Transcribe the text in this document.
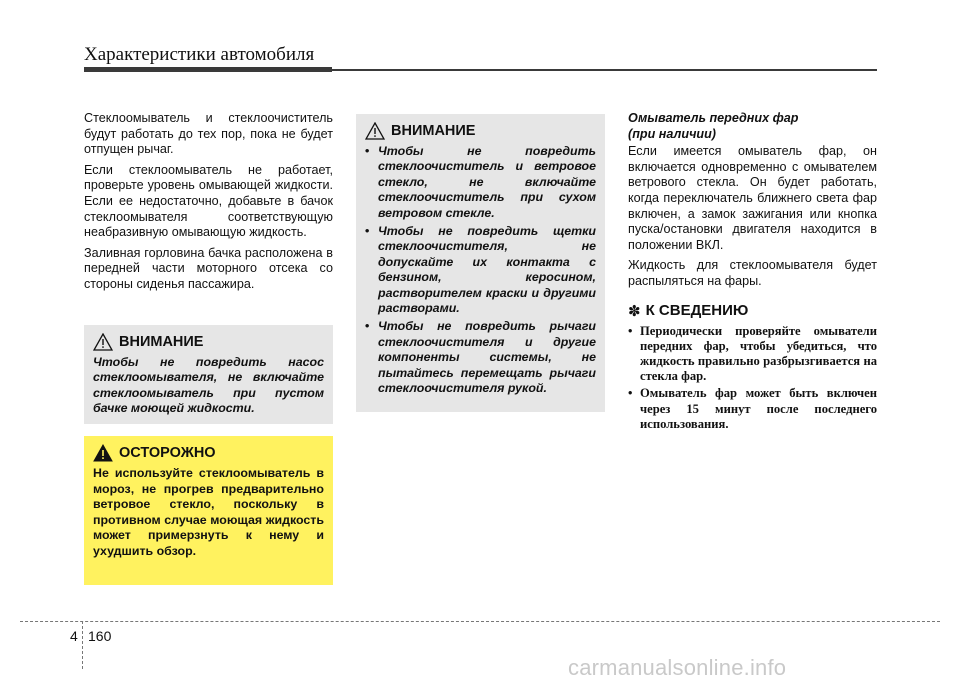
Характеристики автомобиля

Стеклоомыватель и стеклоочиститель будут работать до тех пор, пока не будет отпущен рычаг.

Если стеклоомыватель не работает, проверьте уровень омывающей жидкости. Если ее недостаточно, добавьте в бачок стеклоомывателя соответствующую неабразивную омывающую жидкость.

Заливная горловина бачка расположена в передней части моторного отсека со стороны сиденья пассажира.

ВНИМАНИЕ

Чтобы не повредить насос стеклоомывателя, не включайте стеклоомыватель при пустом бачке моющей жидкости.

ОСТОРОЖНО

Не используйте стеклоомыватель в мороз, не прогрев предварительно ветровое стекло, поскольку в противном случае моющая жидкость может примерзнуть к нему и ухудшить обзор.

ВНИМАНИЕ
• Чтобы не повредить стеклоочиститель и ветровое стекло, не включайте стеклоочиститель при сухом ветровом стекле.
• Чтобы не повредить щетки стеклоочистителя, не допускайте их контакта с бензином, керосином, растворителем краски и другими растворами.
• Чтобы не повредить рычаги стеклоочистителя и другие компоненты системы, не пытайтесь перемещать рычаги стеклоочистителя рукой.
Омыватель передних фар
(при наличии)

Если имеется омыватель фар, он включается одновременно с омывателем ветрового стекла. Он будет работать, когда переключатель ближнего света фар включен, а замок зажигания или кнопка пуска/остановки двигателя находится в положении ВКЛ.

Жидкость для стеклоомывателя будет распыляться на фары.

✽ К СВЕДЕНИЮ
• Периодически проверяйте омыватели передних фар, чтобы убедиться, что жидкость правильно разбрызгивается на стекла фар.
• Омыватель фар может быть включен через 15 минут после последнего использования.
4 160
carmanualsonline.info
